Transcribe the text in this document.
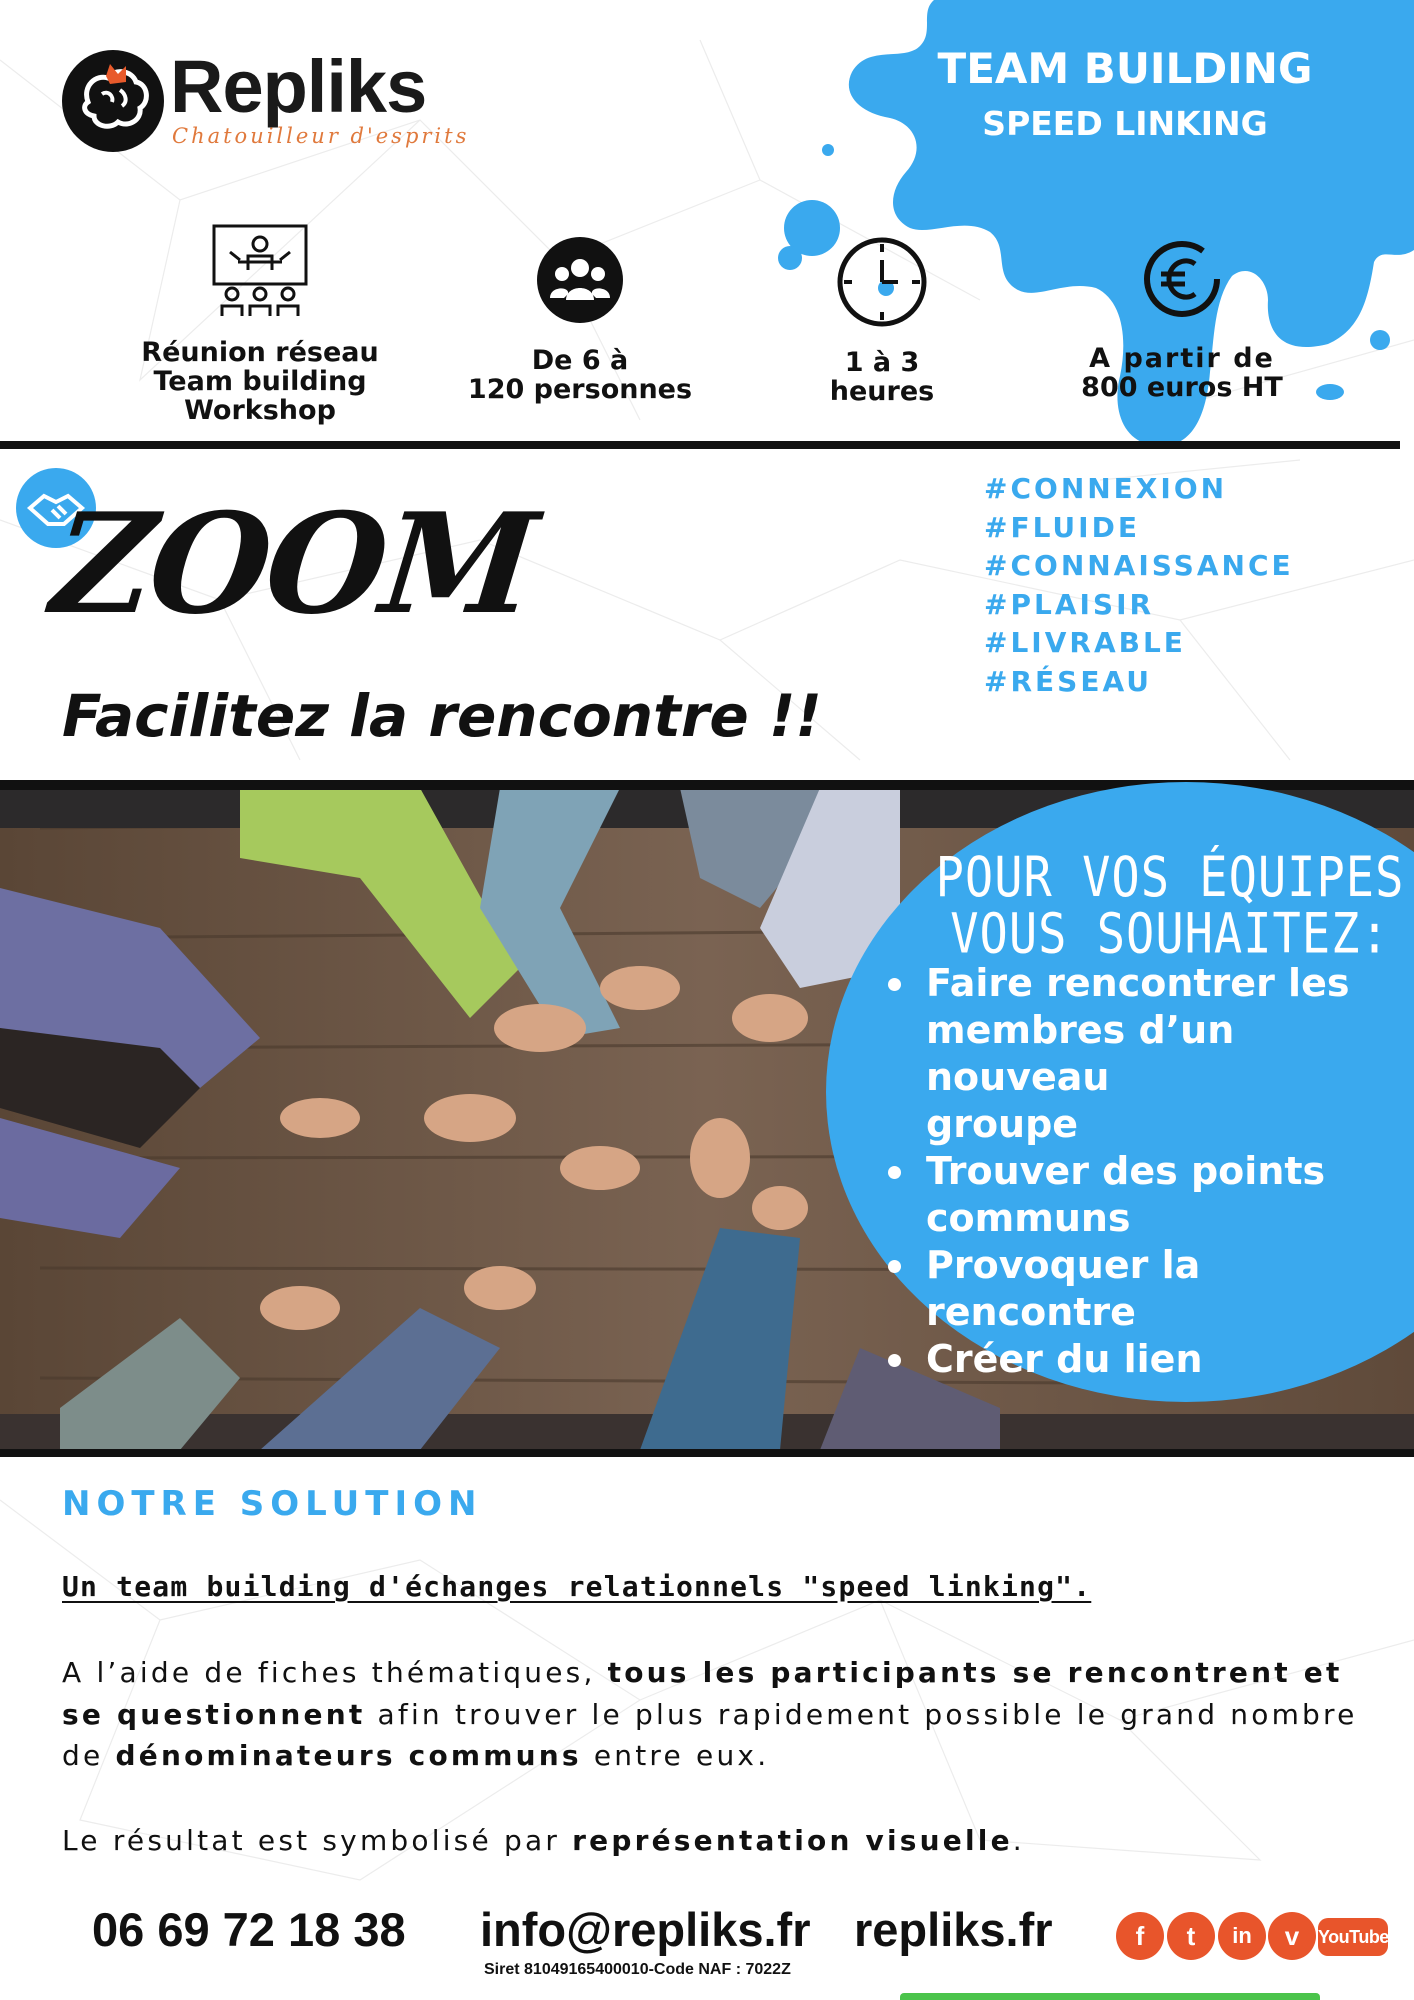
Repliks
Chatouilleur d'esprits
TEAM BUILDING
SPEED LINKING
Réunion réseau
Team building
Workshop
De 6 à
120 personnes
1 à 3
heures
A partir de
800 euros HT
ZOOM
Facilitez la rencontre !!
#CONNEXION
#FLUIDE
#CONNAISSANCE
#PLAISIR
#LIVRABLE
#RÉSEAU
POUR VOS ÉQUIPES
VOUS SOUHAITEZ:
Faire rencontrer les
membres d’un nouveau
groupe
Trouver des points
communs
Provoquer la rencontre
Créer du lien
NOTRE SOLUTION
Un team building d'échanges relationnels "speed linking".

A l’aide de fiches thématiques, tous les participants se rencontrent et se questionnent afin trouver le plus rapidement possible le grand nombre de dénominateurs communs entre eux.

Le résultat est symbolisé par représentation visuelle.

06 69 72 18 38 info@repliks.fr repliks.fr
Siret 81049165400010-Code NAF : 7022Z
f	t	in	v	YouTube
